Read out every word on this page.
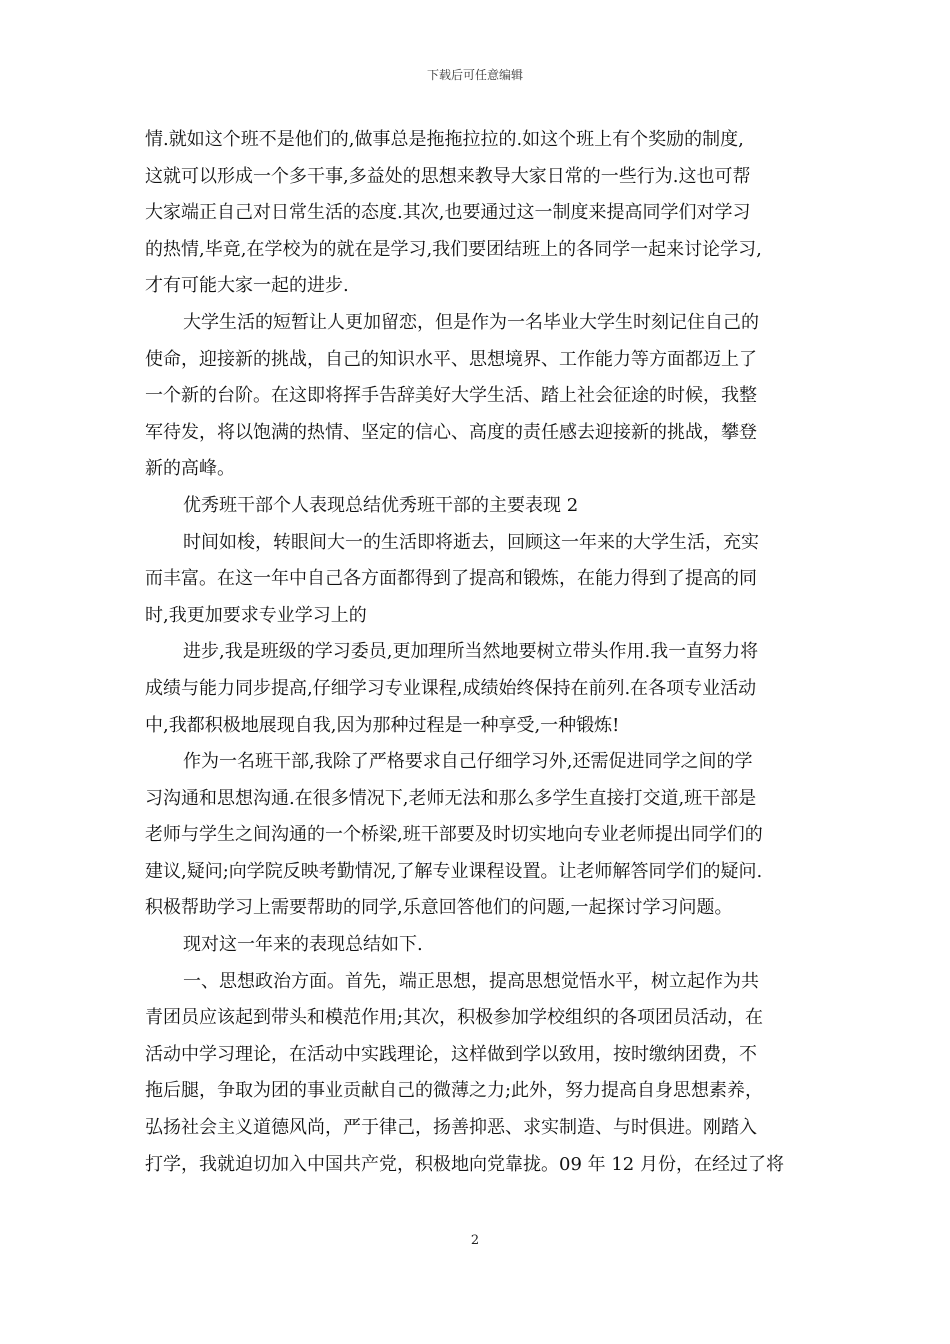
下载后可任意编辑
情.就如这个班不是他们的,做事总是拖拖拉拉的.如这个班上有个奖励的制度,
这就可以形成一个多干事,多益处的思想来教导大家日常的一些行为.这也可帮
大家端正自己对日常生活的态度.其次,也要通过这一制度来提高同学们对学习
的热情,毕竟,在学校为的就在是学习,我们要团结班上的各同学一起来讨论学习,
才有可能大家一起的进步.
大学生活的短暂让人更加留恋，但是作为一名毕业大学生时刻记住自己的
使命，迎接新的挑战，自己的知识水平、思想境界、工作能力等方面都迈上了
一个新的台阶。在这即将挥手告辞美好大学生活、踏上社会征途的时候，我整
军待发，将以饱满的热情、坚定的信心、高度的责任感去迎接新的挑战，攀登
新的高峰。
优秀班干部个人表现总结优秀班干部的主要表现 2
时间如梭，转眼间大一的生活即将逝去，回顾这一年来的大学生活，充实
而丰富。在这一年中自己各方面都得到了提高和锻炼，在能力得到了提高的同
时,我更加要求专业学习上的
进步,我是班级的学习委员,更加理所当然地要树立带头作用.我一直努力将
成绩与能力同步提高,仔细学习专业课程,成绩始终保持在前列.在各项专业活动
中,我都积极地展现自我,因为那种过程是一种享受,一种锻炼!
作为一名班干部,我除了严格要求自己仔细学习外,还需促进同学之间的学
习沟通和思想沟通.在很多情况下,老师无法和那么多学生直接打交道,班干部是
老师与学生之间沟通的一个桥梁,班干部要及时切实地向专业老师提出同学们的
建议,疑问;向学院反映考勤情况,了解专业课程设置。让老师解答同学们的疑问.
积极帮助学习上需要帮助的同学,乐意回答他们的问题,一起探讨学习问题。
现对这一年来的表现总结如下.
一、思想政治方面。首先，端正思想，提高思想觉悟水平，树立起作为共
青团员应该起到带头和模范作用;其次，积极参加学校组织的各项团员活动，在
活动中学习理论，在活动中实践理论，这样做到学以致用，按时缴纳团费，不
拖后腿，争取为团的事业贡献自己的微薄之力;此外，努力提高自身思想素养，
弘扬社会主义道德风尚，严于律己，扬善抑恶、求实制造、与时俱进。刚踏入
打学，我就迫切加入中国共产党，积极地向党靠拢。09 年 12 月份，在经过了将
2
